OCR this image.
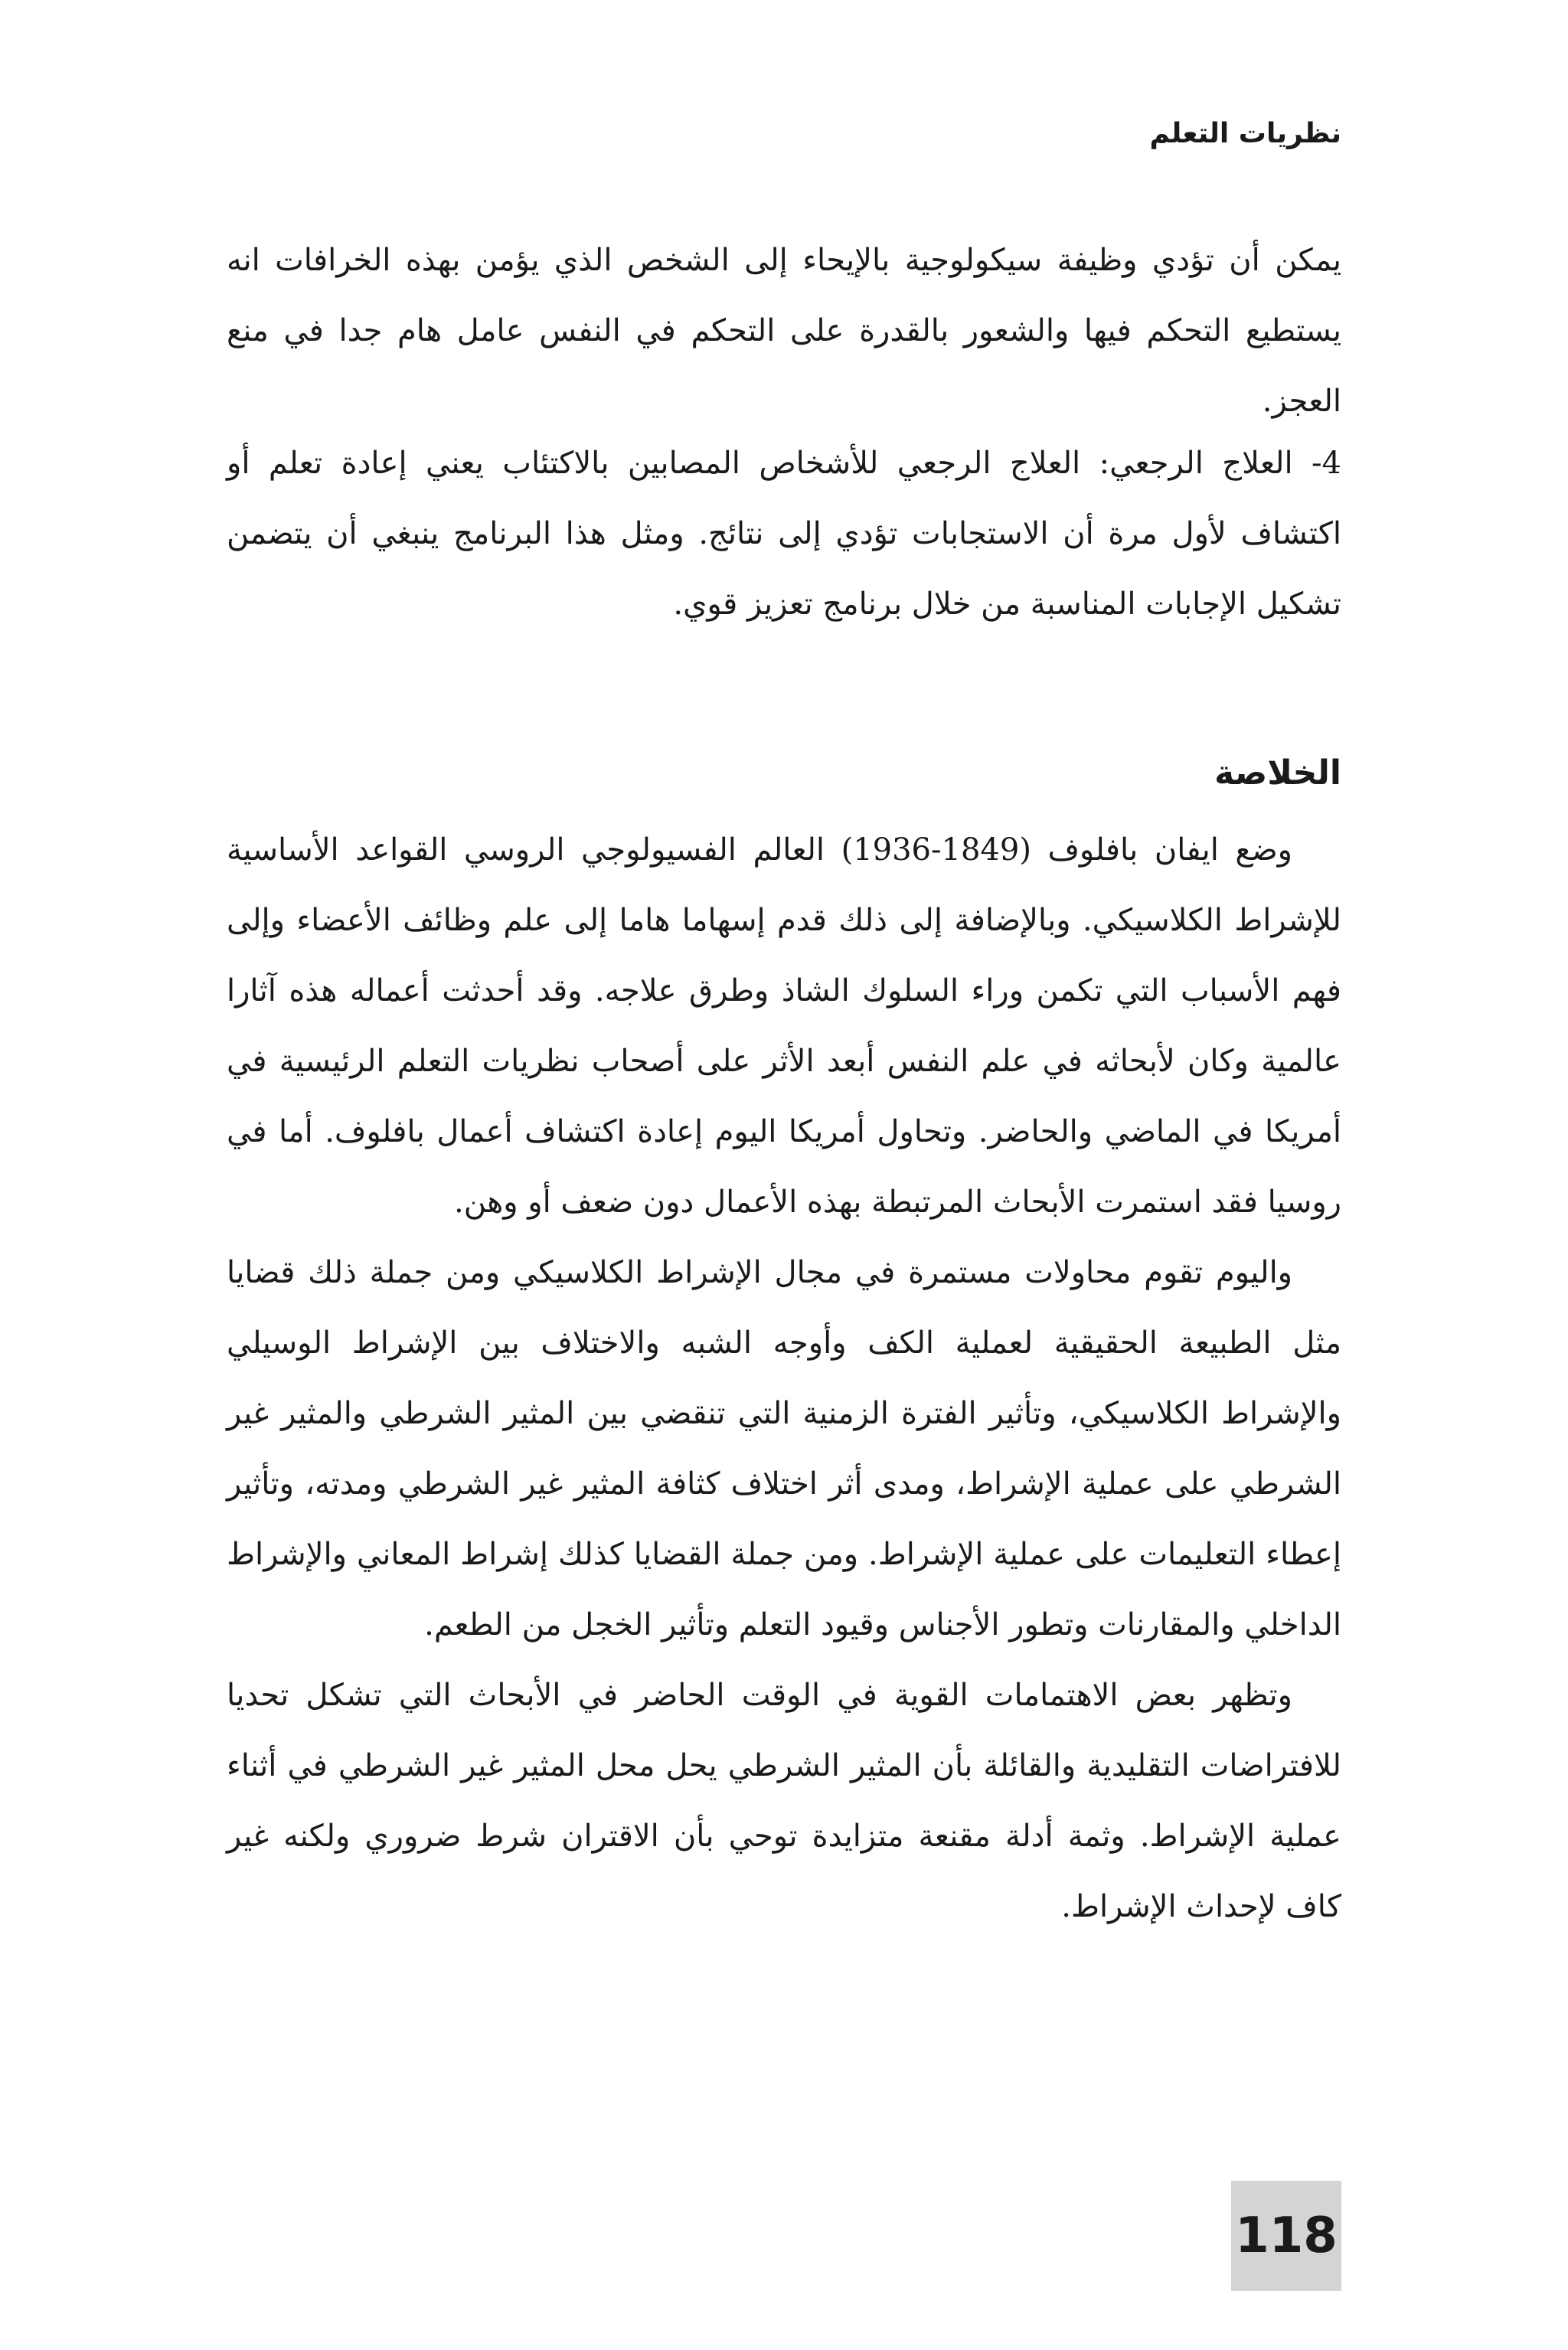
نظريات التعلم

يمكن أن تؤدي وظيفة سيكولوجية بالإيحاء إلى الشخص الذي يؤمن بهذه الخرافات انه يستطيع التحكم فيها والشعور بالقدرة على التحكم في النفس عامل هام جدا في منع العجز.

4- العلاج الرجعي: العلاج الرجعي للأشخاص المصابين بالاكتئاب يعني إعادة تعلم أو اكتشاف لأول مرة أن الاستجابات تؤدي إلى نتائج. ومثل هذا البرنامج ينبغي أن يتضمن تشكيل الإجابات المناسبة من خلال برنامج تعزيز قوي.

الخلاصة

وضع ايفان بافلوف (1849-1936) العالم الفسيولوجي الروسي القواعد الأساسية للإشراط الكلاسيكي. وبالإضافة إلى ذلك قدم إسهاما هاما إلى علم وظائف الأعضاء وإلى فهم الأسباب التي تكمن وراء السلوك الشاذ وطرق علاجه. وقد أحدثت أعماله هذه آثارا عالمية وكان لأبحاثه في علم النفس أبعد الأثر على أصحاب نظريات التعلم الرئيسية في أمريكا في الماضي والحاضر. وتحاول أمريكا اليوم إعادة اكتشاف أعمال بافلوف. أما في روسيا فقد استمرت الأبحاث المرتبطة بهذه الأعمال دون ضعف أو وهن.

واليوم تقوم محاولات مستمرة في مجال الإشراط الكلاسيكي ومن جملة ذلك قضايا مثل الطبيعة الحقيقية لعملية الكف وأوجه الشبه والاختلاف بين الإشراط الوسيلي والإشراط الكلاسيكي، وتأثير الفترة الزمنية التي تنقضي بين المثير الشرطي والمثير غير الشرطي على عملية الإشراط، ومدى أثر اختلاف كثافة المثير غير الشرطي ومدته، وتأثير إعطاء التعليمات على عملية الإشراط. ومن جملة القضايا كذلك إشراط المعاني والإشراط الداخلي والمقارنات وتطور الأجناس وقيود التعلم وتأثير الخجل من الطعم.

وتظهر بعض الاهتمامات القوية في الوقت الحاضر في الأبحاث التي تشكل تحديا للافتراضات التقليدية والقائلة بأن المثير الشرطي يحل محل المثير غير الشرطي في أثناء عملية الإشراط. وثمة أدلة مقنعة متزايدة توحي بأن الاقتران شرط ضروري ولكنه غير كاف لإحداث الإشراط.

118
